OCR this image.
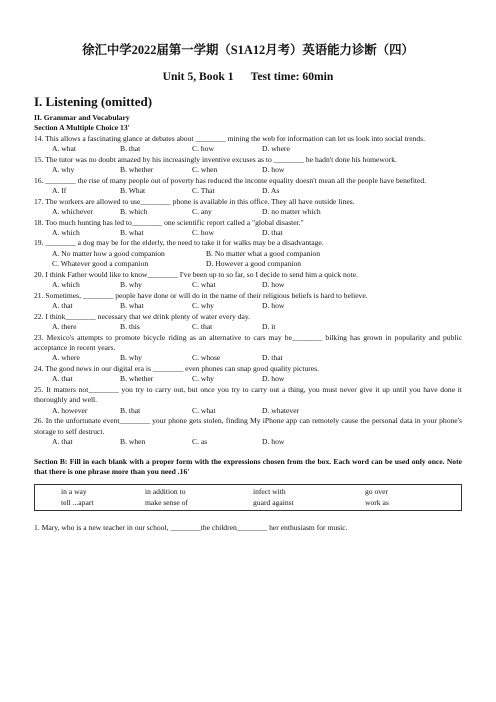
徐汇中学2022届第一学期（S1A12月考）英语能力诊断（四）
Unit 5, Book 1      Test time: 60min
I. Listening (omitted)
II. Grammar and Vocabulary
Section A Multiple Choice 13'
14. This allows a fascinating glance at debates about ________ mining the web for information can let us look into social trends.
A. what	B. that	C. how	D. where
15. The tutor was no doubt amazed by his increasingly inventive excuses as to ________ he hadn't done his homework.
A. why	B. whether	C. when	D. how
16. ________ the rise of many people out of poverty has reduced the income equality doesn't mean all the people have benefited.
A. If	B. What	C. That	D. As
17. The workers are allowed to use________ phone is available in this office. They all have outside lines.
A. whichever	B. which	C. any	D. no matter which
18. Too much hunting has led to________ one scientific report called a "global disaster."
A. which	B. what	C. how	D. that
19. ________ a dog may be for the elderly, the need to take it for walks may be a disadvantage.
A. No matter how a good companion	B. No matter what a good companion
C. Whatever good a companion	D. However a good companion
20. I think Father would like to know________ I've been up to so far, so I decide to send him a quick note.
A. which	B. why	C. what	D. how
21. Sometimes, ________ people have done or will do in the name of their religious beliefs is hard to believe.
A. that	B. what	C. why	D. how
22. I think________ necessary that we drink plenty of water every day.
A. there	B. this	C. that	D. it
23. Mexico's attempts to promote bicycle riding as an alternative to cars may be________ bilking has grown in popularity and public acceptance in recent years.
A. where	B. why	C. whose	D. that
24. The good news in our digital era is ________ even phones can snap good quality pictures.
A. that	B. whether	C. why	D. how
25. It matters not________ you try to carry out, but once you try to carry out a thing, you must never give it up until you have done it thoroughly and well.
A. however	B. that	C. what	D. whatever
26. In the unfortunate event________ your phone gets stolen, finding My iPhone app can remotely cause the personal data in your phone's storage to self destruct.
A. that	B. when	C. as	D. how
Section B: Fill in each blank with a proper form with the expressions chosen from the box. Each word can be used only once. Note that there is one phrase more than you need .16'
in a way	in addition to	infect with	go over
tell ...apart	make sense of	guard against	work as
1. Mary, who is a new teacher in our school, ________the children________ her enthusiasm for music.
